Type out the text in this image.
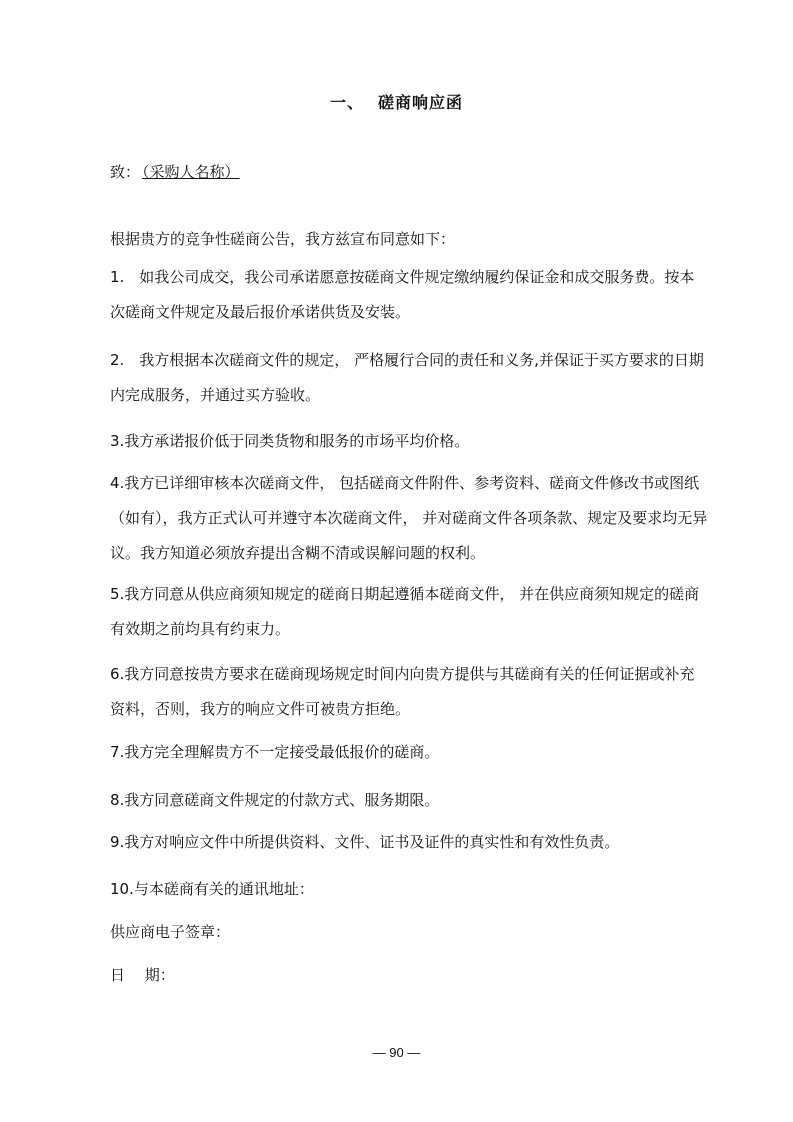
一、 磋商响应函
致： （采购人名称）

根据贵方的竞争性磋商公告，我方兹宣布同意如下：

1.　如我公司成交，我公司承诺愿意按磋商文件规定缴纳履约保证金和成交服务费。按本次磋商文件规定及最后报价承诺供货及安装。

2.　我方根据本次磋商文件的规定， 严格履行合同的责任和义务,并保证于买方要求的日期内完成服务，并通过买方验收。

3.我方承诺报价低于同类货物和服务的市场平均价格。

4.我方已详细审核本次磋商文件， 包括磋商文件附件、参考资料、磋商文件修改书或图纸（如有），我方正式认可并遵守本次磋商文件， 并对磋商文件各项条款、规定及要求均无异议。我方知道必须放弃提出含糊不清或误解问题的权利。

5.我方同意从供应商须知规定的磋商日期起遵循本磋商文件， 并在供应商须知规定的磋商有效期之前均具有约束力。

6.我方同意按贵方要求在磋商现场规定时间内向贵方提供与其磋商有关的任何证据或补充资料，否则，我方的响应文件可被贵方拒绝。

7.我方完全理解贵方不一定接受最低报价的磋商。

8.我方同意磋商文件规定的付款方式、服务期限。

9.我方对响应文件中所提供资料、文件、证书及证件的真实性和有效性负责。

10.与本磋商有关的通讯地址：

供应商电子签章：

日　 期：

— 90 —
